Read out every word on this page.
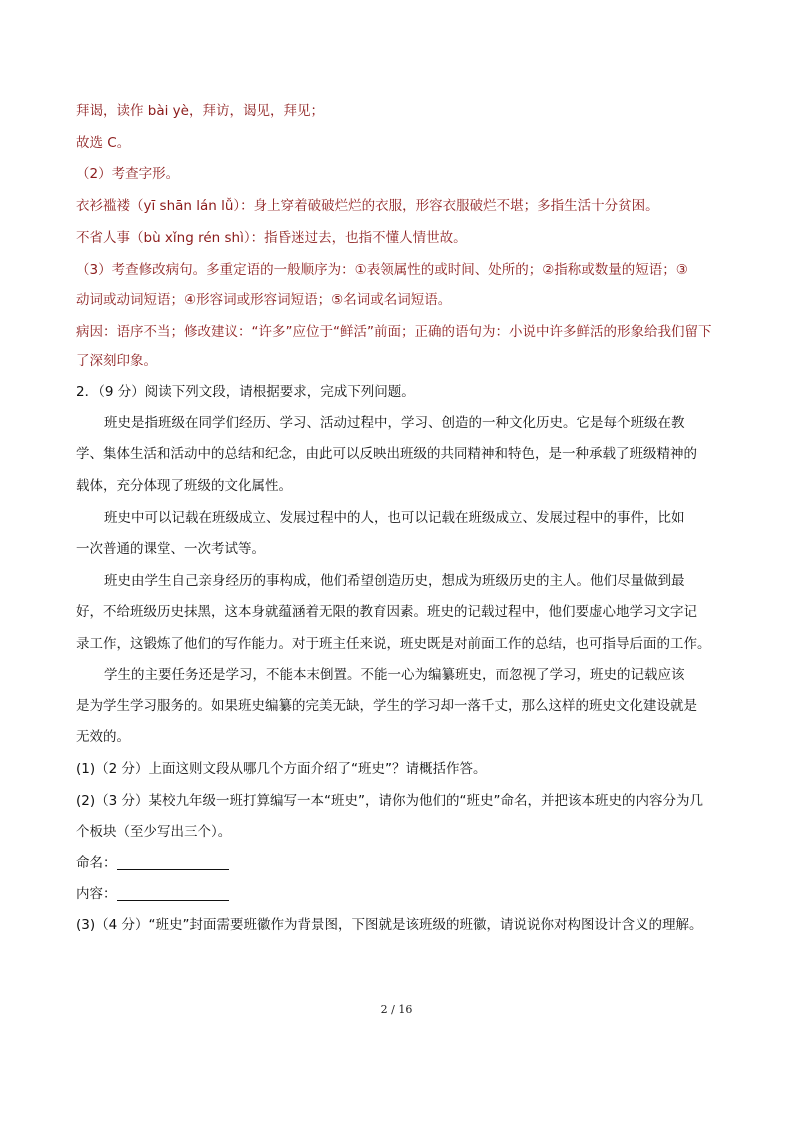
拜谒，读作 bài yè，拜访，谒见，拜见；
故选 C。
（2）考查字形。
衣衫褴褛（yī shān lán lǚ）：身上穿着破破烂烂的衣服，形容衣服破烂不堪；多指生活十分贫困。
不省人事（bù xǐng rén shì）：指昏迷过去，也指不懂人情世故。
（3）考查修改病句。多重定语的一般顺序为：①表领属性的或时间、处所的；②指称或数量的短语；③
动词或动词短语；④形容词或形容词短语；⑤名词或名词短语。
病因：语序不当；修改建议：“许多”应位于“鲜活”前面；正确的语句为：小说中许多鲜活的形象给我们留下
了深刻印象。
2．（9 分）阅读下列文段，请根据要求，完成下列问题。
班史是指班级在同学们经历、学习、活动过程中，学习、创造的一种文化历史。它是每个班级在教
学、集体生活和活动中的总结和纪念，由此可以反映出班级的共同精神和特色，是一种承载了班级精神的
载体，充分体现了班级的文化属性。
班史中可以记载在班级成立、发展过程中的人，也可以记载在班级成立、发展过程中的事件，比如
一次普通的课堂、一次考试等。
班史由学生自己亲身经历的事构成，他们希望创造历史，想成为班级历史的主人。他们尽量做到最
好，不给班级历史抹黑，这本身就蕴涵着无限的教育因素。班史的记载过程中，他们要虚心地学习文字记
录工作，这锻炼了他们的写作能力。对于班主任来说，班史既是对前面工作的总结，也可指导后面的工作。
学生的主要任务还是学习，不能本末倒置。不能一心为编纂班史，而忽视了学习，班史的记载应该
是为学生学习服务的。如果班史编纂的完美无缺，学生的学习却一落千丈，那么这样的班史文化建设就是
无效的。
(1)（2 分）上面这则文段从哪几个方面介绍了“班史”？请概括作答。
(2)（3 分）某校九年级一班打算编写一本“班史”，请你为他们的“班史”命名，并把该本班史的内容分为几
个板块（至少写出三个）。
命名：
内容：
(3)（4 分）“班史”封面需要班徽作为背景图，下图就是该班级的班徽，请说说你对构图设计含义的理解。
2 / 16
